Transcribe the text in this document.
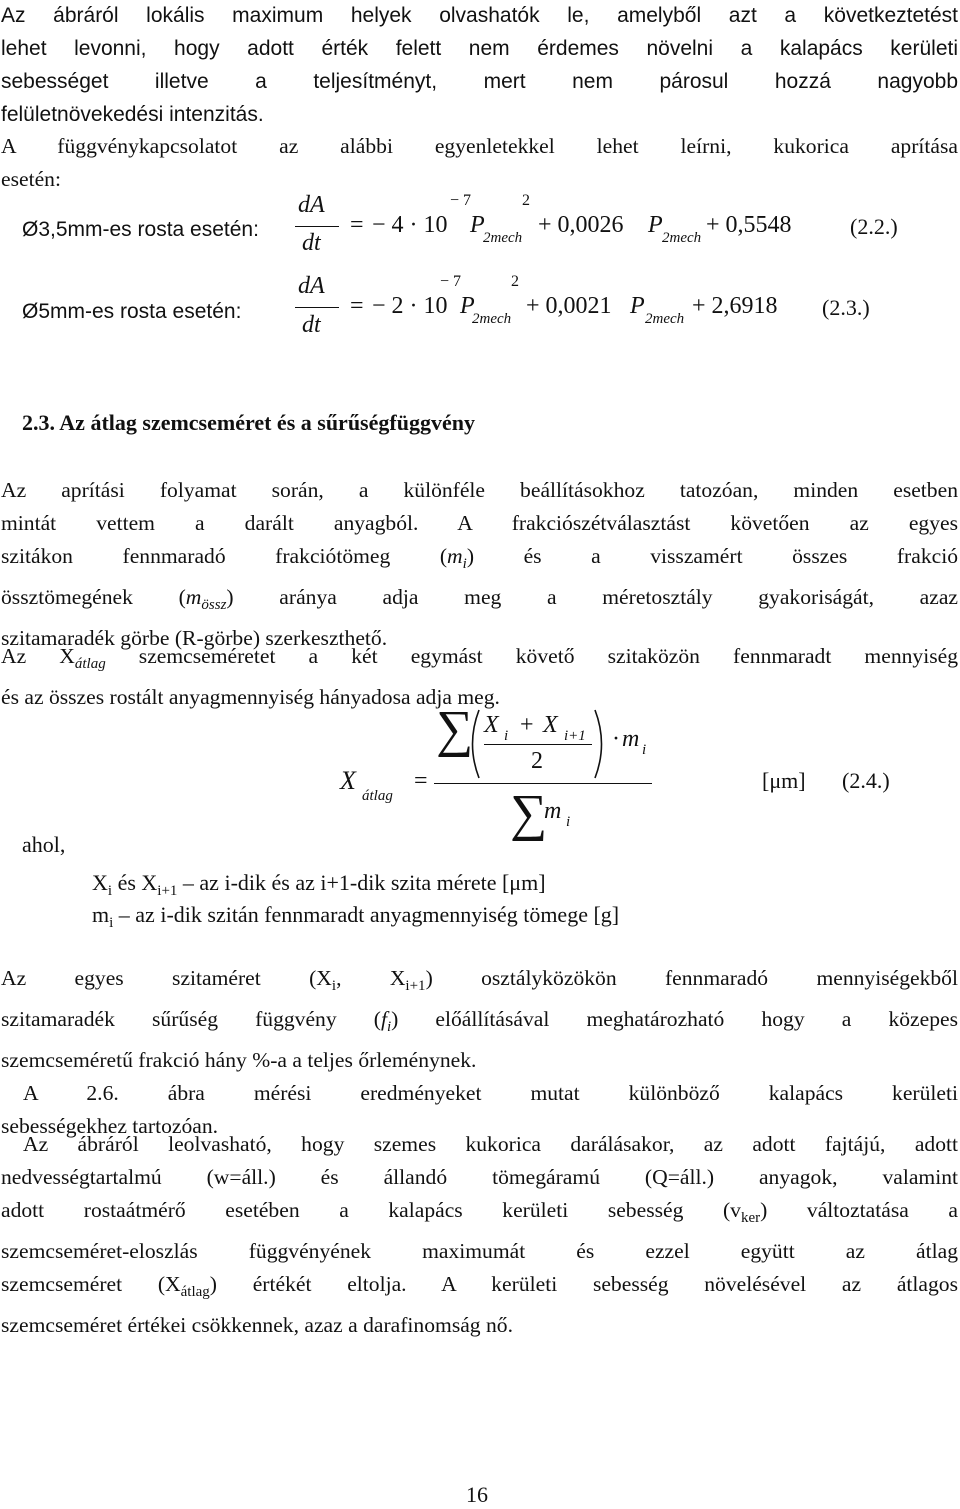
Az ábráról lokális maximum helyek olvashatók le, amelyből azt a következtetést
lehet levonni, hogy adott érték felett nem érdemes növelni a kalapács kerületi
sebességet illetve a teljesítményt, mert nem párosul hozzá nagyobb
felületnövekedési intenzitás.
A függvénykapcsolatot az alábbi egyenletekkel lehet leírni, kukorica aprítása
esetén:
Ø3,5mm-es rosta esetén:
dA
dt
= − 4 · 10
− 7
P
2mech
2
+ 0,0026 P 2mech + 0,5548	(2.2.)
Ø5mm-es rosta esetén:
dA
dt
= − 2 · 10
− 7
P
2mech
2
+ 0,0021 P 2mech + 2,6918 (2.3.)
2.3. Az átlag szemcseméret és a sűrűségfüggvény
Az aprítási folyamat során, a különféle beállításokhoz tatozóan, minden esetben
mintát vettem a darált anyagból. A frakciószétválasztást követően az egyes
szitákon fennmaradó frakciótömeg $(m_i)$ és a visszamért összes frakció
össztömegének $(m_{össz})$ aránya adja meg a méretosztály gyakoriságát, azaz
szitamaradék görbe (R-görbe) szerkeszthető.
Az $X_{átlag}$ szemcseméretet a két egymást követő szitaközön fennmaradt mennyiség
és az összes rostált anyagmennyiség hányadosa adja meg.
X
átlag
=
∑ X i + X i+1
2
· m i
∑
m i
[μm] (2.4.)
ahol,
$X_i$ és $X_{i+1}$ – az i-dik és az i+1-dik szita mérete [μm]
$m_i$ – az i-dik szitán fennmaradt anyagmennyiség tömege [g]
Az egyes szitaméret ($X_i$, $X_{i+1}$) osztályközökön fennmaradó mennyiségekből
szitamaradék sűrűség függvény $(f_i)$ előállításával meghatározható hogy a közepes
szemcseméretű frakció hány %-a a teljes őrleménynek.
A 2.6. ábra mérési eredményeket mutat különböző kalapács kerületi
sebességekhez tartozóan.
Az ábráról leolvasható, hogy szemes kukorica darálásakor, az adott fajtájú, adott
nedvességtartalmú (w=áll.) és állandó tömegáramú (Q=áll.) anyagok, valamint
adott rostaátmérő esetében a kalapács kerületi sebesség $(v_{ker})$ változtatása a
szemcseméret-eloszlás függvényének maximumát és ezzel együtt az átlag
szemcseméret $(X_{átlag})$ értékét eltolja. A kerületi sebesség növelésével az átlagos
szemcseméret értékei csökkennek, azaz a darafinomság nő.
16
